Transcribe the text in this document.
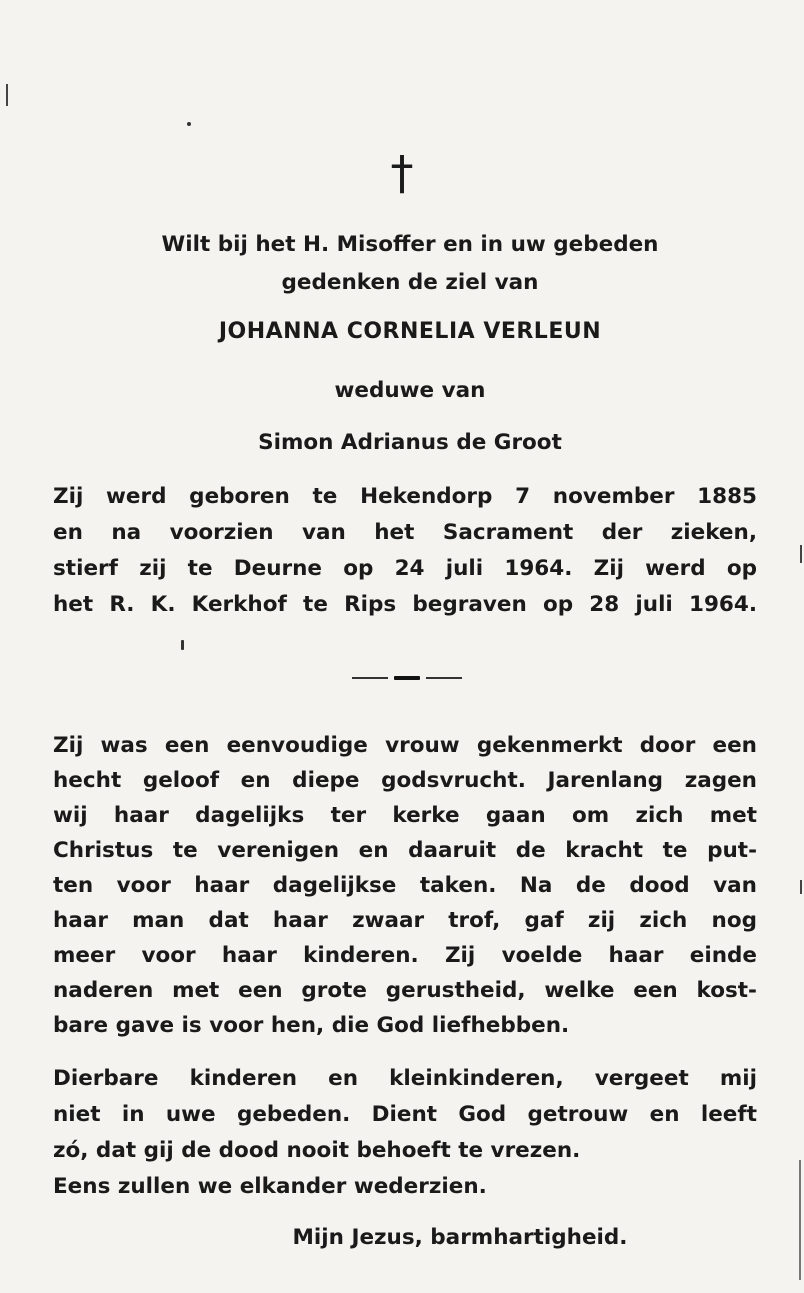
†
Wilt bij het H. Misoffer en in uw gebeden
gedenken de ziel van
JOHANNA CORNELIA VERLEUN
weduwe van
Simon Adrianus de Groot
Zij werd geboren te Hekendorp 7 november 1885
en na voorzien van het Sacrament der zieken,
stierf zij te Deurne op 24 juli 1964. Zij werd op
het R. K. Kerkhof te Rips begraven op 28 juli 1964.
Zij was een eenvoudige vrouw gekenmerkt door een
hecht geloof en diepe godsvrucht. Jarenlang zagen
wij haar dagelijks ter kerke gaan om zich met
Christus te verenigen en daaruit de kracht te put-
ten voor haar dagelijkse taken. Na de dood van
haar man dat haar zwaar trof, gaf zij zich nog
meer voor haar kinderen. Zij voelde haar einde
naderen met een grote gerustheid, welke een kost-
bare gave is voor hen, die God liefhebben.
Dierbare kinderen en kleinkinderen, vergeet mij
niet in uwe gebeden. Dient God getrouw en leeft
zó, dat gij de dood nooit behoeft te vrezen.
Eens zullen we elkander wederzien.
Mijn Jezus, barmhartigheid.
